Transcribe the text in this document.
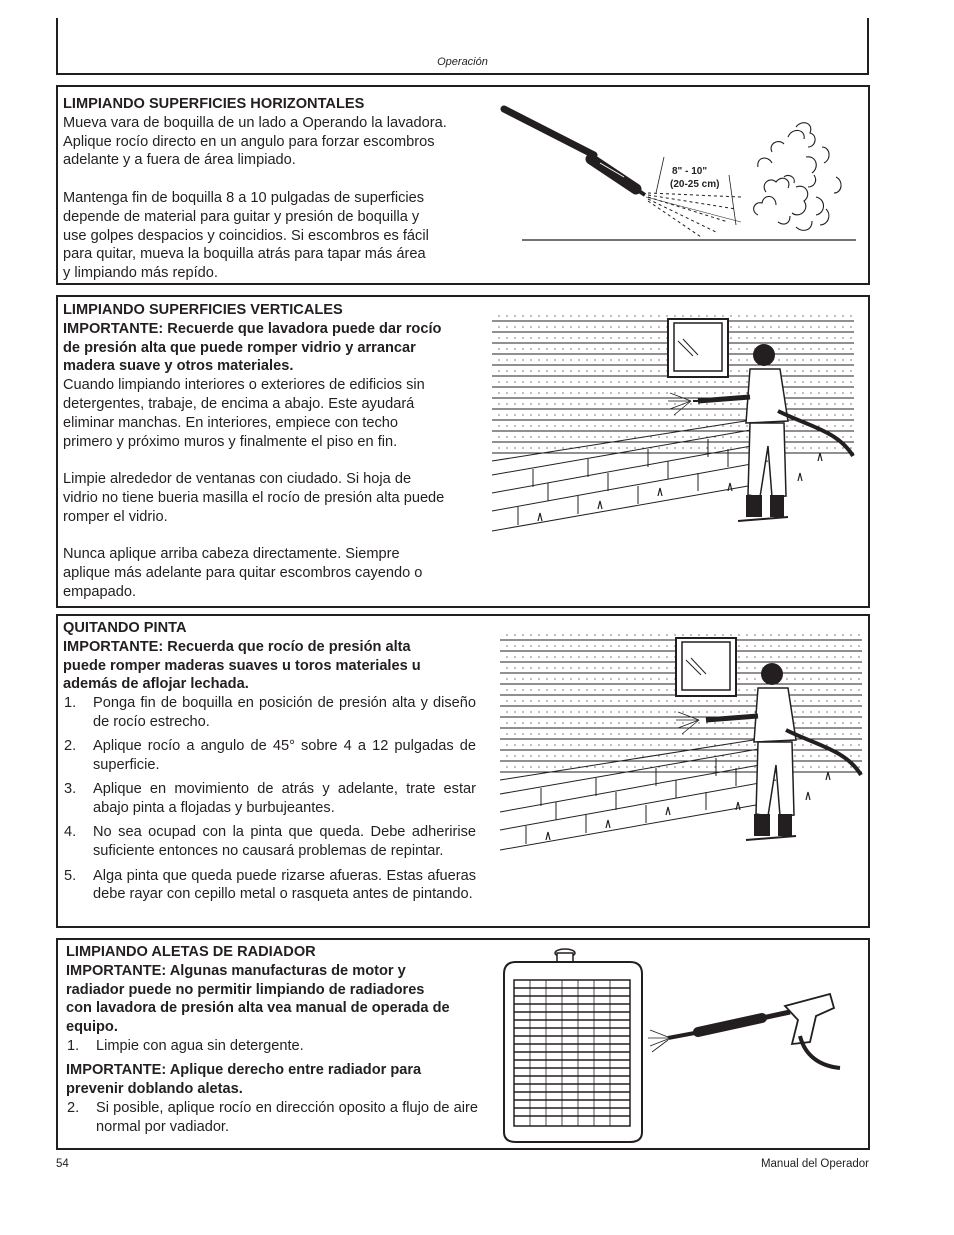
Operación

LIMPIANDO SUPERFICIES HORIZONTALES

Mueva vara de boquilla de un lado a Operando la lavadora.

Aplique rocío directo en un angulo para forzar escombros

adelante y a fuera de área limpiado.

Mantenga fin de boquilla 8 a 10 pulgadas de superficies

depende de material para guitar y presión de boquilla y

use golpes despacios y coincidios. Si escombros es fácil

para quitar, mueva la boquilla atrás para tapar más área

y limpiando más repído.

8" - 10"
(20-25 cm)

LIMPIANDO SUPERFICIES VERTICALES

IMPORTANTE: Recuerde que lavadora puede dar rocío

de presión alta que puede romper vidrio y arrancar

madera suave y otros materiales.

Cuando limpiando interiores o exteriores de edificios sin

detergentes, trabaje, de encima a abajo. Este ayudará

eliminar manchas. En interiores, empiece con techo

primero y próximo muros y finalmente el piso en fin.

Limpie alrededor de ventanas con ciudado. Si hoja de

vidrio no tiene bueria masilla el rocío de presión alta puede

romper el vidrio.

Nunca aplique arriba cabeza directamente. Siempre

aplique más adelante para quitar escombros cayendo o

empapado.

QUITANDO PINTA

IMPORTANTE: Recuerda que rocío de presión alta

puede romper maderas suaves u toros materiales u

además de aflojar lechada.

1. Ponga fin de boquilla en posición de presión alta y diseño de rocío estrecho.
2. Aplique rocío a angulo de 45° sobre 4 a 12 pulgadas de superficie.
3. Aplique en movimiento de atrás y adelante, trate estar abajo pinta a flojadas y burbujeantes.
4. No sea ocupad con la pinta que queda. Debe adheririse suficiente entonces no causará problemas de repintar.
5. Alga pinta que queda puede rizarse afueras. Estas afueras debe rayar con cepillo metal o rasqueta antes de pintando.

LIMPIANDO ALETAS DE RADIADOR

IMPORTANTE: Algunas manufacturas de motor y

radiador puede no permitir limpiando de radiadores

con lavadora de presión alta vea manual de operada de

equipo.

1. Limpie con agua sin detergente.

IMPORTANTE: Aplique derecho entre radiador para

prevenir doblando aletas.

2. Si posible, aplique rocío en dirección oposito a flujo de aire normal por vadiador.
54	Manual del Operador
